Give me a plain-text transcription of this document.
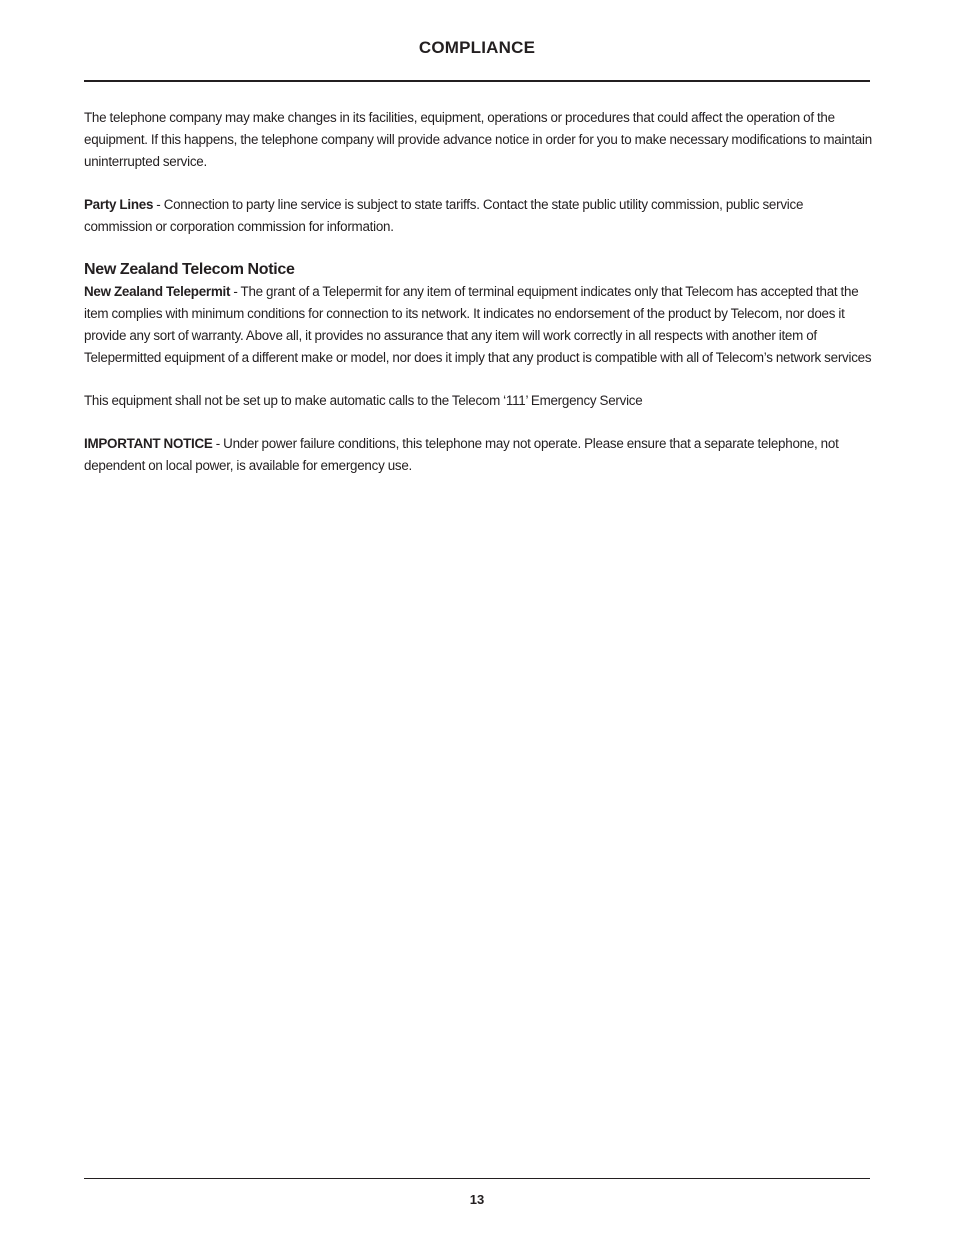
COMPLIANCE

The telephone company may make changes in its facilities, equipment, operations or procedures that could affect the operation of the equipment. If this happens, the telephone company will provide advance notice in order for you to make necessary modifications to maintain uninterrupted service.

Party Lines - Connection to party line service is subject to state tariffs. Contact the state public utility commission, public service commission or corporation commission for information.

New Zealand Telecom Notice

New Zealand Telepermit - The grant of a Telepermit for any item of terminal equipment indicates only that Telecom has accepted that the item complies with minimum conditions for connection to its network. It indicates no endorsement of the product by Telecom, nor does it provide any sort of warranty. Above all, it provides no assurance that any item will work correctly in all respects with another item of Telepermitted equipment of a different make or model, nor does it imply that any product is compatible with all of Telecom’s network services

This equipment shall not be set up to make automatic calls to the Telecom ‘111’ Emergency Service

IMPORTANT NOTICE - Under power failure conditions, this telephone may not operate. Please ensure that a separate telephone, not dependent on local power, is available for emergency use.

13
